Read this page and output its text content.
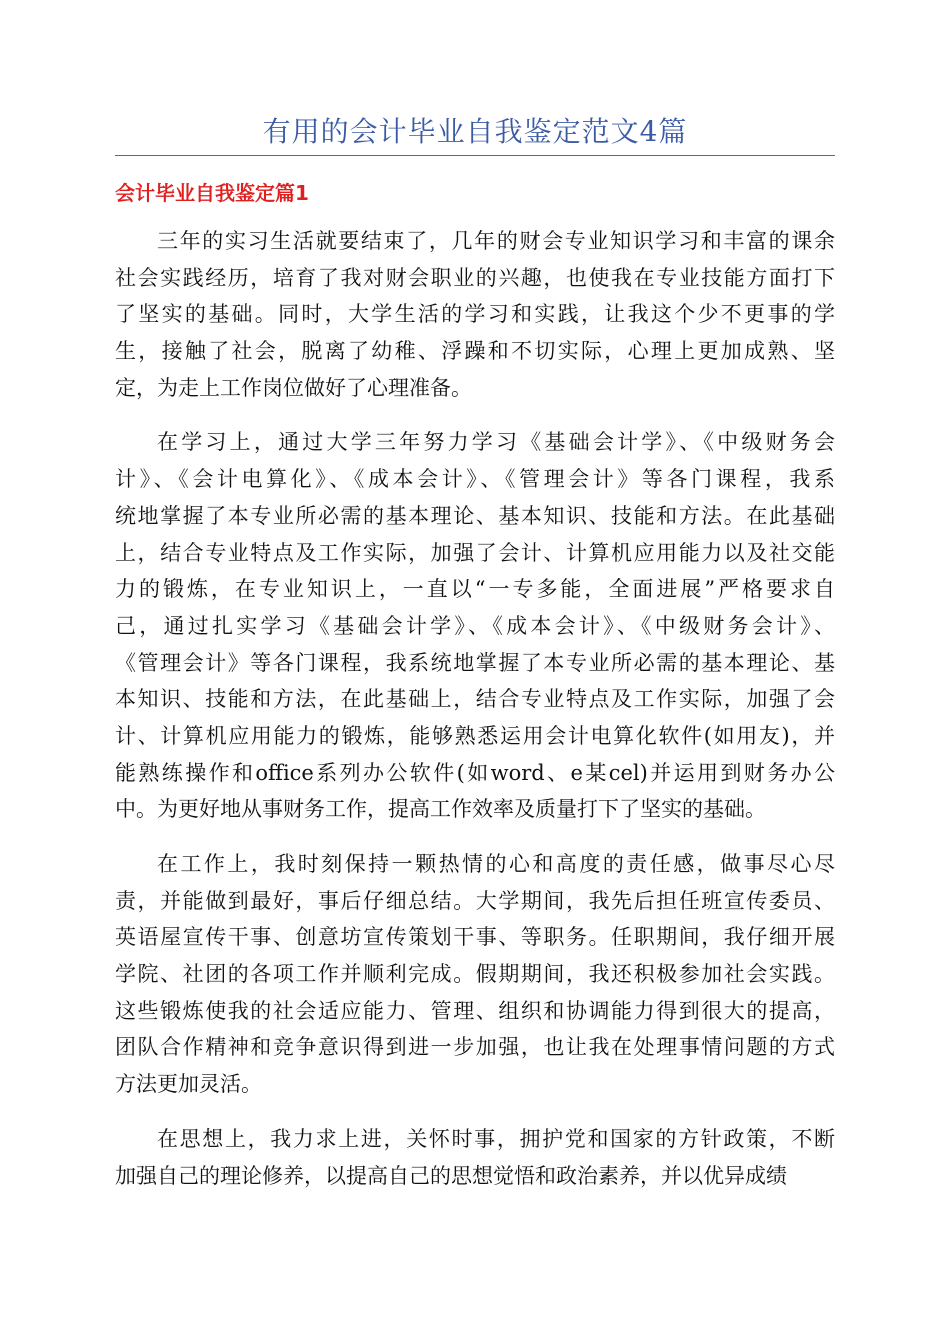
有用的会计毕业自我鉴定范文4篇
会计毕业自我鉴定篇1
三年的实习生活就要结束了，几年的财会专业知识学习和丰富的课余
社会实践经历，培育了我对财会职业的兴趣，也使我在专业技能方面打下
了坚实的基础。同时，大学生活的学习和实践，让我这个少不更事的学
生，接触了社会，脱离了幼稚、浮躁和不切实际，心理上更加成熟、坚
定，为走上工作岗位做好了心理准备。
在学习上，通过大学三年努力学习《基础会计学》、《中级财务会
计》、《会计电算化》、《成本会计》、《管理会计》等各门课程，我系
统地掌握了本专业所必需的基本理论、基本知识、技能和方法。在此基础
上，结合专业特点及工作实际，加强了会计、计算机应用能力以及社交能
力的锻炼，在专业知识上，一直以“一专多能，全面进展”严格要求自
己，通过扎实学习《基础会计学》、《成本会计》、《中级财务会计》、
《管理会计》等各门课程，我系统地掌握了本专业所必需的基本理论、基
本知识、技能和方法，在此基础上，结合专业特点及工作实际，加强了会
计、计算机应用能力的锻炼，能够熟悉运用会计电算化软件(如用友)，并
能熟练操作和office系列办公软件(如word、e某cel)并运用到财务办公
中。为更好地从事财务工作，提高工作效率及质量打下了坚实的基础。
在工作上，我时刻保持一颗热情的心和高度的责任感，做事尽心尽
责，并能做到最好，事后仔细总结。大学期间，我先后担任班宣传委员、
英语屋宣传干事、创意坊宣传策划干事、等职务。任职期间，我仔细开展
学院、社团的各项工作并顺利完成。假期期间，我还积极参加社会实践。
这些锻炼使我的社会适应能力、管理、组织和协调能力得到很大的提高，
团队合作精神和竞争意识得到进一步加强，也让我在处理事情问题的方式
方法更加灵活。
在思想上，我力求上进，关怀时事，拥护党和国家的方针政策，不断
加强自己的理论修养，以提高自己的思想觉悟和政治素养，并以优异成绩
